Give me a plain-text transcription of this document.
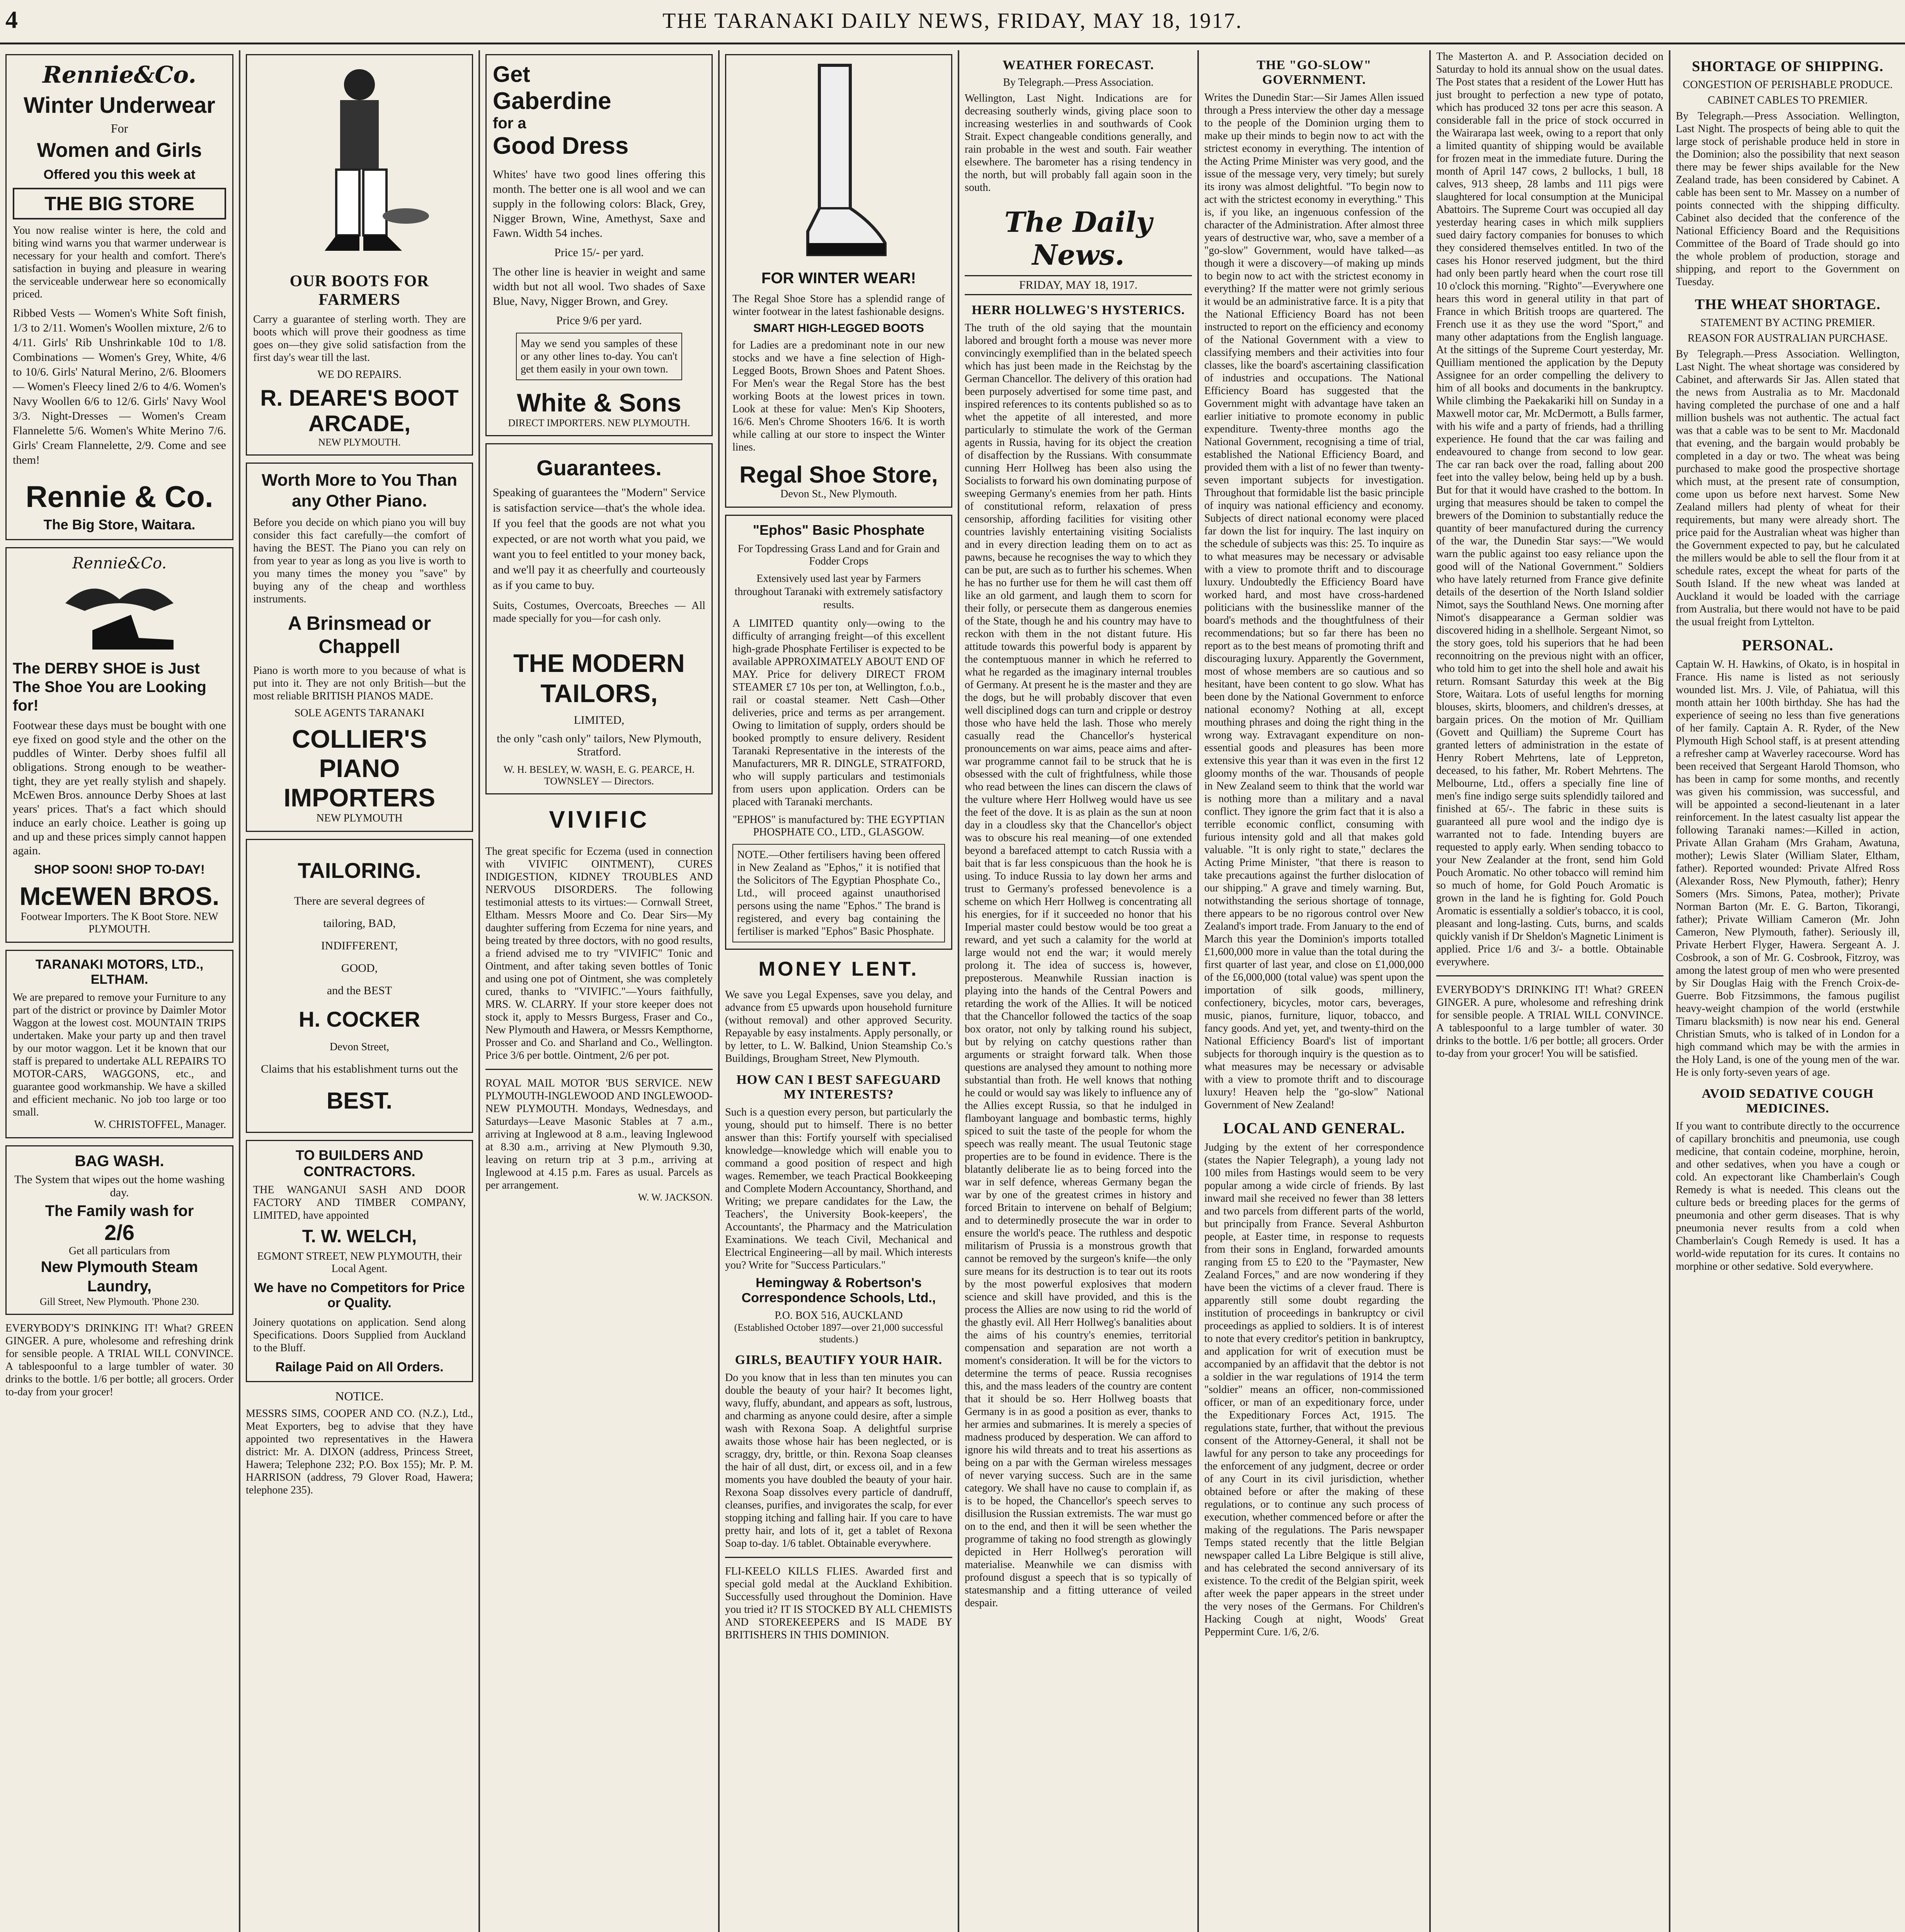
4	THE TARANAKI DAILY NEWS, FRIDAY, MAY 18, 1917.
Rennie&Co.
Winter Underwear
For
Women and Girls
Offered you this week at
THE BIG STORE
You now realise winter is here, the cold and biting wind warns you that warmer underwear is necessary for your health and comfort. There's satisfaction in buying and pleasure in wearing the serviceable underwear here so economically priced.
Ribbed Vests — Women's White Soft finish, 1/3 to 2/11. Women's Woollen mixture, 2/6 to 4/11. Girls' Rib Unshrinkable 10d to 1/8. Combinations — Women's Grey, White, 4/6 to 10/6. Girls' Natural Merino, 2/6. Bloomers — Women's Fleecy lined 2/6 to 4/6. Women's Navy Woollen 6/6 to 12/6. Girls' Navy Wool 3/3. Night-Dresses — Women's Cream Flannelette 5/6. Women's White Merino 7/6. Girls' Cream Flannelette, 2/9. Come and see them!
Rennie & Co.
The Big Store, Waitara.
Rennie&Co.
The DERBY SHOE is Just The Shoe You are Looking for!
Footwear these days must be bought with one eye fixed on good style and the other on the puddles of Winter. Derby shoes fulfil all obligations. Strong enough to be weather-tight, they are yet really stylish and shapely. McEwen Bros. announce Derby Shoes at last years' prices. That's a fact which should induce an early choice. Leather is going up and up and these prices simply cannot happen again.
SHOP SOON! SHOP TO-DAY!
McEWEN BROS.
Footwear Importers. The K Boot Store. NEW PLYMOUTH.
TARANAKI MOTORS, LTD., ELTHAM.
We are prepared to remove your Furniture to any part of the district or province by Daimler Motor Waggon at the lowest cost. MOUNTAIN TRIPS undertaken. Make your party up and then travel by our motor waggon. Let it be known that our staff is prepared to undertake ALL REPAIRS TO MOTOR-CARS, WAGGONS, etc., and guarantee good workmanship. We have a skilled and efficient mechanic. No job too large or too small.
W. CHRISTOFFEL, Manager.
BAG WASH.
The System that wipes out the home washing day.
The Family wash for
2/6
Get all particulars from
New Plymouth Steam Laundry,
Gill Street, New Plymouth. 'Phone 230.
EVERYBODY'S DRINKING IT! What? GREEN GINGER. A pure, wholesome and refreshing drink for sensible people. A TRIAL WILL CONVINCE. A tablespoonful to a large tumbler of water. 30 drinks to the bottle. 1/6 per bottle; all grocers. Order to-day from your grocer!
OUR BOOTS FOR FARMERS
Carry a guarantee of sterling worth. They are boots which will prove their goodness as time goes on—they give solid satisfaction from the first day's wear till the last.
WE DO REPAIRS.
R. DEARE'S BOOT ARCADE,
NEW PLYMOUTH.
Worth More to You Than any Other Piano.
Before you decide on which piano you will buy consider this fact carefully—the comfort of having the BEST. The Piano you can rely on from year to year as long as you live is worth to you many times the money you "save" by buying any of the cheap and worthless instruments.
A Brinsmead or Chappell
Piano is worth more to you because of what is put into it. They are not only British—but the most reliable BRITISH PIANOS MADE.
SOLE AGENTS TARANAKI
COLLIER'S PIANO IMPORTERS
NEW PLYMOUTH
TAILORING.
There are several degrees of
tailoring, BAD,
INDIFFERENT,
GOOD,
and the BEST
H. COCKER
Devon Street,
Claims that his establishment turns out the
BEST.
TO BUILDERS AND CONTRACTORS.
THE WANGANUI SASH AND DOOR FACTORY AND TIMBER COMPANY, LIMITED, have appointed
T. W. WELCH,
EGMONT STREET, NEW PLYMOUTH, their Local Agent.
We have no Competitors for Price or Quality.
Joinery quotations on application. Send along Specifications. Doors Supplied from Auckland to the Bluff.
Railage Paid on All Orders.
NOTICE.
MESSRS SIMS, COOPER AND CO. (N.Z.), Ltd., Meat Exporters, beg to advise that they have appointed two representatives in the Hawera district: Mr. A. DIXON (address, Princess Street, Hawera; Telephone 232; P.O. Box 155); Mr. P. M. HARRISON (address, 79 Glover Road, Hawera; telephone 235).
Get
Gaberdine
for a
Good Dress
Whites' have two good lines offering this month. The better one is all wool and we can supply in the following colors: Black, Grey, Nigger Brown, Wine, Amethyst, Saxe and Fawn. Width 54 inches.
Price 15/- per yard.
The other line is heavier in weight and same width but not all wool. Two shades of Saxe Blue, Navy, Nigger Brown, and Grey.
Price 9/6 per yard.
May we send you samples of these or any other lines to-day. You can't get them easily in your own town.
White & Sons
DIRECT IMPORTERS. NEW PLYMOUTH.
Guarantees.
Speaking of guarantees the "Modern" Service is satisfaction service—that's the whole idea. If you feel that the goods are not what you expected, or are not worth what you paid, we want you to feel entitled to your money back, and we'll pay it as cheerfully and courteously as if you came to buy.
Suits, Costumes, Overcoats, Breeches — All made specially for you—for cash only.
THE MODERN TAILORS,
LIMITED,
the only "cash only" tailors, New Plymouth, Stratford.
W. H. BESLEY, W. WASH, E. G. PEARCE, H. TOWNSLEY — Directors.
VIVIFIC
The great specific for Eczema (used in connection with VIVIFIC OINTMENT), CURES INDIGESTION, KIDNEY TROUBLES AND NERVOUS DISORDERS. The following testimonial attests to its virtues:— Cornwall Street, Eltham. Messrs Moore and Co. Dear Sirs—My daughter suffering from Eczema for nine years, and being treated by three doctors, with no good results, a friend advised me to try "VIVIFIC" Tonic and Ointment, and after taking seven bottles of Tonic and using one pot of Ointment, she was completely cured, thanks to "VIVIFIC."—Yours faithfully, MRS. W. CLARRY. If your store keeper does not stock it, apply to Messrs Burgess, Fraser and Co., New Plymouth and Hawera, or Messrs Kempthorne, Prosser and Co. and Sharland and Co., Wellington. Price 3/6 per bottle. Ointment, 2/6 per pot.
ROYAL MAIL MOTOR 'BUS SERVICE. NEW PLYMOUTH-INGLEWOOD AND INGLEWOOD-NEW PLYMOUTH. Mondays, Wednesdays, and Saturdays—Leave Masonic Stables at 7 a.m., arriving at Inglewood at 8 a.m., leaving Inglewood at 8.30 a.m., arriving at New Plymouth 9.30, leaving on return trip at 3 p.m., arriving at Inglewood at 4.15 p.m. Fares as usual. Parcels as per arrangement.
W. W. JACKSON.
FOR WINTER WEAR!
The Regal Shoe Store has a splendid range of winter footwear in the latest fashionable designs.
SMART HIGH-LEGGED BOOTS
for Ladies are a predominant note in our new stocks and we have a fine selection of High-Legged Boots, Brown Shoes and Patent Shoes. For Men's wear the Regal Store has the best working Boots at the lowest prices in town. Look at these for value: Men's Kip Shooters, 16/6. Men's Chrome Shooters 16/6. It is worth while calling at our store to inspect the Winter lines.
Regal Shoe Store,
Devon St., New Plymouth.
"Ephos" Basic Phosphate
For Topdressing Grass Land and for Grain and Fodder Crops
Extensively used last year by Farmers throughout Taranaki with extremely satisfactory results.
A LIMITED quantity only—owing to the difficulty of arranging freight—of this excellent high-grade Phosphate Fertiliser is expected to be available APPROXIMATELY ABOUT END OF MAY. Price for delivery DIRECT FROM STEAMER £7 10s per ton, at Wellington, f.o.b., rail or coastal steamer. Nett Cash—Other deliveries, price and terms as per arrangement. Owing to limitation of supply, orders should be booked promptly to ensure delivery. Resident Taranaki Representative in the interests of the Manufacturers, MR R. DINGLE, STRATFORD, who will supply particulars and testimonials from users upon application. Orders can be placed with Taranaki merchants.
"EPHOS" is manufactured by: THE EGYPTIAN PHOSPHATE CO., LTD., GLASGOW.
NOTE.—Other fertilisers having been offered in New Zealand as "Ephos," it is notified that the Solicitors of The Egyptian Phosphate Co., Ltd., will proceed against unauthorised persons using the name "Ephos." The brand is registered, and every bag containing the fertiliser is marked "Ephos" Basic Phosphate.
MONEY LENT.
We save you Legal Expenses, save you delay, and advance from £5 upwards upon household furniture (without removal) and other approved Security. Repayable by easy instalments. Apply personally, or by letter, to L. W. Balkind, Union Steamship Co.'s Buildings, Brougham Street, New Plymouth.
HOW CAN I BEST SAFEGUARD MY INTERESTS?
Such is a question every person, but particularly the young, should put to himself. There is no better answer than this: Fortify yourself with specialised knowledge—knowledge which will enable you to command a good position of respect and high wages. Remember, we teach Practical Bookkeeping and Complete Modern Accountancy, Shorthand, and Writing; we prepare candidates for the Law, the Teachers', the University Book-keepers', the Accountants', the Pharmacy and the Matriculation Examinations. We teach Civil, Mechanical and Electrical Engineering—all by mail. Which interests you? Write for "Success Particulars."
Hemingway & Robertson's Correspondence Schools, Ltd.,
P.O. BOX 516, AUCKLAND
(Established October 1897—over 21,000 successful students.)
GIRLS, BEAUTIFY YOUR HAIR.
Do you know that in less than ten minutes you can double the beauty of your hair? It becomes light, wavy, fluffy, abundant, and appears as soft, lustrous, and charming as anyone could desire, after a simple wash with Rexona Soap. A delightful surprise awaits those whose hair has been neglected, or is scraggy, dry, brittle, or thin. Rexona Soap cleanses the hair of all dust, dirt, or excess oil, and in a few moments you have doubled the beauty of your hair. Rexona Soap dissolves every particle of dandruff, cleanses, purifies, and invigorates the scalp, for ever stopping itching and falling hair. If you care to have pretty hair, and lots of it, get a tablet of Rexona Soap to-day. 1/6 tablet. Obtainable everywhere.
FLI-KEELO KILLS FLIES. Awarded first and special gold medal at the Auckland Exhibition. Successfully used throughout the Dominion. Have you tried it? IT IS STOCKED BY ALL CHEMISTS AND STOREKEEPERS and IS MADE BY BRITISHERS IN THIS DOMINION.
WEATHER FORECAST.
By Telegraph.—Press Association.
Wellington, Last Night. Indications are for decreasing southerly winds, giving place soon to increasing westerlies in and southwards of Cook Strait. Expect changeable conditions generally, and rain probable in the west and south. Fair weather elsewhere. The barometer has a rising tendency in the north, but will probably fall again soon in the south.
The Daily News.
FRIDAY, MAY 18, 1917.
HERR HOLLWEG'S HYSTERICS.
The truth of the old saying that the mountain labored and brought forth a mouse was never more convincingly exemplified than in the belated speech which has just been made in the Reichstag by the German Chancellor. The delivery of this oration had been purposely advertised for some time past, and inspired references to its contents published so as to whet the appetite of all interested, and more particularly to stimulate the work of the German agents in Russia, having for its object the creation of disaffection by the Russians. With consummate cunning Herr Hollweg has been also using the Socialists to forward his own dominating purpose of sweeping Germany's enemies from her path. Hints of constitutional reform, relaxation of press censorship, affording facilities for visiting other countries lavishly entertaining visiting Socialists and in every direction leading them on to act as pawns, because he recognises the way to which they can be put, are such as to further his schemes. When he has no further use for them he will cast them off like an old garment, and laugh them to scorn for their folly, or persecute them as dangerous enemies of the State, though he and his country may have to reckon with them in the not distant future. His attitude towards this powerful body is apparent by the contemptuous manner in which he referred to what he regarded as the imaginary internal troubles of Germany. At present he is the master and they are the dogs, but he will probably discover that even well disciplined dogs can turn and cripple or destroy those who have held the lash. Those who merely casually read the Chancellor's hysterical pronouncements on war aims, peace aims and after-war programme cannot fail to be struck that he is obsessed with the cult of frightfulness, while those who read between the lines can discern the claws of the vulture where Herr Hollweg would have us see the feet of the dove. It is as plain as the sun at noon day in a cloudless sky that the Chancellor's object was to obscure his real meaning—of one extended beyond a barefaced attempt to catch Russia with a bait that is far less conspicuous than the hook he is using. To induce Russia to lay down her arms and trust to Germany's professed benevolence is a scheme on which Herr Hollweg is concentrating all his energies, for if it succeeded no honor that his Imperial master could bestow would be too great a reward, and yet such a calamity for the world at large would not end the war; it would merely prolong it. The idea of success is, however, preposterous. Meanwhile Russian inaction is playing into the hands of the Central Powers and retarding the work of the Allies. It will be noticed that the Chancellor followed the tactics of the soap box orator, not only by talking round his subject, but by relying on catchy questions rather than arguments or straight forward talk. When those questions are analysed they amount to nothing more substantial than froth. He well knows that nothing he could or would say was likely to influence any of the Allies except Russia, so that he indulged in flamboyant language and bombastic terms, highly spiced to suit the taste of the people for whom the speech was really meant. The usual Teutonic stage properties are to be found in evidence. There is the blatantly deliberate lie as to being forced into the war in self defence, whereas Germany began the war by one of the greatest crimes in history and forced Britain to intervene on behalf of Belgium; and to determinedly prosecute the war in order to ensure the world's peace. The ruthless and despotic militarism of Prussia is a monstrous growth that cannot be removed by the surgeon's knife—the only sure means for its destruction is to tear out its roots by the most powerful explosives that modern science and skill have provided, and this is the process the Allies are now using to rid the world of the ghastly evil. All Herr Hollweg's banalities about the aims of his country's enemies, territorial compensation and separation are not worth a moment's consideration. It will be for the victors to determine the terms of peace. Russia recognises this, and the mass leaders of the country are content that it should be so. Herr Hollweg boasts that Germany is in as good a position as ever, thanks to her armies and submarines. It is merely a species of madness produced by desperation. We can afford to ignore his wild threats and to treat his assertions as being on a par with the German wireless messages of never varying success. Such are in the same category. We shall have no cause to complain if, as is to be hoped, the Chancellor's speech serves to disillusion the Russian extremists. The war must go on to the end, and then it will be seen whether the programme of taking no food strength as glowingly depicted in Herr Hollweg's peroration will materialise. Meanwhile we can dismiss with profound disgust a speech that is so typically of statesmanship and a fitting utterance of veiled despair.
THE "GO-SLOW" GOVERNMENT.
Writes the Dunedin Star:—Sir James Allen issued through a Press interview the other day a message to the people of the Dominion urging them to make up their minds to begin now to act with the strictest economy in everything. The intention of the Acting Prime Minister was very good, and the issue of the message very, very timely; but surely its irony was almost delightful. "To begin now to act with the strictest economy in everything." This is, if you like, an ingenuous confession of the character of the Administration. After almost three years of destructive war, who, save a member of a "go-slow" Government, would have talked—as though it were a discovery—of making up minds to begin now to act with the strictest economy in everything? If the matter were not grimly serious it would be an administrative farce. It is a pity that the National Efficiency Board has not been instructed to report on the efficiency and economy of the National Government with a view to classifying members and their activities into four classes, like the board's ascertaining classification of industries and occupations. The National Efficiency Board has suggested that the Government might with advantage have taken an earlier initiative to promote economy in public expenditure. Twenty-three months ago the National Government, recognising a time of trial, established the National Efficiency Board, and provided them with a list of no fewer than twenty-seven important subjects for investigation. Throughout that formidable list the basic principle of inquiry was national efficiency and economy. Subjects of direct national economy were placed far down the list for inquiry. The last inquiry on the schedule of subjects was this: 25. To inquire as to what measures may be necessary or advisable with a view to promote thrift and to discourage luxury. Undoubtedly the Efficiency Board have worked hard, and most have cross-hardened politicians with the businesslike manner of the board's methods and the thoughtfulness of their recommendations; but so far there has been no report as to the best means of promoting thrift and discouraging luxury. Apparently the Government, most of whose members are so cautious and so hesitant, have been content to go slow. What has been done by the National Government to enforce national economy? Nothing at all, except mouthing phrases and doing the right thing in the wrong way. Extravagant expenditure on non-essential goods and pleasures has been more extensive this year than it was even in the first 12 gloomy months of the war. Thousands of people in New Zealand seem to think that the world war is nothing more than a military and a naval conflict. They ignore the grim fact that it is also a terrible economic conflict, consuming with furious intensity gold and all that makes gold valuable. "It is only right to state," declares the Acting Prime Minister, "that there is reason to take precautions against the further dislocation of our shipping." A grave and timely warning. But, notwithstanding the serious shortage of tonnage, there appears to be no rigorous control over New Zealand's import trade. From January to the end of March this year the Dominion's imports totalled £1,600,000 more in value than the total during the first quarter of last year, and close on £1,000,000 of the £6,000,000 (total value) was spent upon the importation of silk goods, millinery, confectionery, bicycles, motor cars, beverages, music, pianos, furniture, liquor, tobacco, and fancy goods. And yet, yet, and twenty-third on the National Efficiency Board's list of important subjects for thorough inquiry is the question as to what measures may be necessary or advisable with a view to promote thrift and to discourage luxury! Heaven help the "go-slow" National Government of New Zealand!
LOCAL AND GENERAL.
Judging by the extent of her correspondence (states the Napier Telegraph), a young lady not 100 miles from Hastings would seem to be very popular among a wide circle of friends. By last inward mail she received no fewer than 38 letters and two parcels from different parts of the world, but principally from France. Several Ashburton people, at Easter time, in response to requests from their sons in England, forwarded amounts ranging from £5 to £20 to the "Paymaster, New Zealand Forces," and are now wondering if they have been the victims of a clever fraud. There is apparently still some doubt regarding the institution of proceedings in bankruptcy or civil proceedings as applied to soldiers. It is of interest to note that every creditor's petition in bankruptcy, and application for writ of execution must be accompanied by an affidavit that the debtor is not a soldier in the war regulations of 1914 the term "soldier" means an officer, non-commissioned officer, or man of an expeditionary force, under the Expeditionary Forces Act, 1915. The regulations state, further, that without the previous consent of the Attorney-General, it shall not be lawful for any person to take any proceedings for the enforcement of any judgment, decree or order of any Court in its civil jurisdiction, whether obtained before or after the making of these regulations, or to continue any such process of execution, whether commenced before or after the making of the regulations. The Paris newspaper Temps stated recently that the little Belgian newspaper called La Libre Belgique is still alive, and has celebrated the second anniversary of its existence. To the credit of the Belgian spirit, week after week the paper appears in the street under the very noses of the Germans. For Children's Hacking Cough at night, Woods' Great Peppermint Cure. 1/6, 2/6.
The Masterton A. and P. Association decided on Saturday to hold its annual show on the usual dates. The Post states that a resident of the Lower Hutt has just brought to perfection a new type of potato, which has produced 32 tons per acre this season. A considerable fall in the price of stock occurred in the Wairarapa last week, owing to a report that only a limited quantity of shipping would be available for frozen meat in the immediate future. During the month of April 147 cows, 2 bullocks, 1 bull, 18 calves, 913 sheep, 28 lambs and 111 pigs were slaughtered for local consumption at the Municipal Abattoirs. The Supreme Court was occupied all day yesterday hearing cases in which milk suppliers sued dairy factory companies for bonuses to which they considered themselves entitled. In two of the cases his Honor reserved judgment, but the third had only been partly heard when the court rose till 10 o'clock this morning. "Righto"—Everywhere one hears this word in general utility in that part of France in which British troops are quartered. The French use it as they use the word "Sport," and many other adaptations from the English language. At the sittings of the Supreme Court yesterday, Mr. Quilliam mentioned the application by the Deputy Assignee for an order compelling the delivery to him of all books and documents in the bankruptcy. While climbing the Paekakariki hill on Sunday in a Maxwell motor car, Mr. McDermott, a Bulls farmer, with his wife and a party of friends, had a thrilling experience. He found that the car was failing and endeavoured to change from second to low gear. The car ran back over the road, falling about 200 feet into the valley below, being held up by a bush. But for that it would have crashed to the bottom. In urging that measures should be taken to compel the brewers of the Dominion to substantially reduce the quantity of beer manufactured during the currency of the war, the Dunedin Star says:—"We would warn the public against too easy reliance upon the good will of the National Government." Soldiers who have lately returned from France give definite details of the desertion of the North Island soldier Nimot, says the Southland News. One morning after Nimot's disappearance a German soldier was discovered hiding in a shellhole. Sergeant Nimot, so the story goes, told his superiors that he had been reconnoitring on the previous night with an officer, who told him to get into the shell hole and await his return. Romsant Saturday this week at the Big Store, Waitara. Lots of useful lengths for morning blouses, skirts, bloomers, and children's dresses, at bargain prices. On the motion of Mr. Quilliam (Govett and Quilliam) the Supreme Court has granted letters of administration in the estate of Henry Robert Mehrtens, late of Leppreton, deceased, to his father, Mr. Robert Mehrtens. The Melbourne, Ltd., offers a specially fine line of men's fine indigo serge suits splendidly tailored and finished at 65/-. The fabric in these suits is guaranteed all pure wool and the indigo dye is warranted not to fade. Intending buyers are requested to apply early. When sending tobacco to your New Zealander at the front, send him Gold Pouch Aromatic. No other tobacco will remind him so much of home, for Gold Pouch Aromatic is grown in the land he is fighting for. Gold Pouch Aromatic is essentially a soldier's tobacco, it is cool, pleasant and long-lasting. Cuts, burns, and scalds quickly vanish if Dr Sheldon's Magnetic Liniment is applied. Price 1/6 and 3/- a bottle. Obtainable everywhere.
EVERYBODY'S DRINKING IT! What? GREEN GINGER. A pure, wholesome and refreshing drink for sensible people. A TRIAL WILL CONVINCE. A tablespoonful to a large tumbler of water. 30 drinks to the bottle. 1/6 per bottle; all grocers. Order to-day from your grocer! You will be satisfied.
SHORTAGE OF SHIPPING.
CONGESTION OF PERISHABLE PRODUCE.
CABINET CABLES TO PREMIER.
By Telegraph.—Press Association. Wellington, Last Night. The prospects of being able to quit the large stock of perishable produce held in store in the Dominion; also the possibility that next season there may be fewer ships available for the New Zealand trade, has been considered by Cabinet. A cable has been sent to Mr. Massey on a number of points connected with the shipping difficulty. Cabinet also decided that the conference of the National Efficiency Board and the Requisitions Committee of the Board of Trade should go into the whole problem of production, storage and shipping, and report to the Government on Tuesday.
THE WHEAT SHORTAGE.
STATEMENT BY ACTING PREMIER.
REASON FOR AUSTRALIAN PURCHASE.
By Telegraph.—Press Association. Wellington, Last Night. The wheat shortage was considered by Cabinet, and afterwards Sir Jas. Allen stated that the news from Australia as to Mr. Macdonald having completed the purchase of one and a half million bushels was not authentic. The actual fact was that a cable was to be sent to Mr. Macdonald that evening, and the bargain would probably be completed in a day or two. The wheat was being purchased to make good the prospective shortage which must, at the present rate of consumption, come upon us before next harvest. Some New Zealand millers had plenty of wheat for their requirements, but many were already short. The price paid for the Australian wheat was higher than the Government expected to pay, but he calculated the millers would be able to sell the flour from it at schedule rates, except the wheat for parts of the South Island. If the new wheat was landed at Auckland it would be loaded with the carriage from Australia, but there would not have to be paid the usual freight from Lyttelton.
PERSONAL.
Captain W. H. Hawkins, of Okato, is in hospital in France. His name is listed as not seriously wounded list. Mrs. J. Vile, of Pahiatua, will this month attain her 100th birthday. She has had the experience of seeing no less than five generations of her family. Captain A. R. Ryder, of the New Plymouth High School staff, is at present attending a refresher camp at Waverley racecourse. Word has been received that Sergeant Harold Thomson, who has been in camp for some months, and recently was given his commission, was successful, and will be appointed a second-lieutenant in a later reinforcement. In the latest casualty list appear the following Taranaki names:—Killed in action, Private Allan Graham (Mrs Graham, Awatuna, mother); Lewis Slater (William Slater, Eltham, father). Reported wounded: Private Alfred Ross (Alexander Ross, New Plymouth, father); Henry Somers (Mrs. Simons, Patea, mother); Private Norman Barton (Mr. E. G. Barton, Tikorangi, father); Private William Cameron (Mr. John Cameron, New Plymouth, father). Seriously ill, Private Herbert Flyger, Hawera. Sergeant A. J. Cosbrook, a son of Mr. G. Cosbrook, Fitzroy, was among the latest group of men who were presented by Sir Douglas Haig with the French Croix-de-Guerre. Bob Fitzsimmons, the famous pugilist heavy-weight champion of the world (erstwhile Timaru blacksmith) is now near his end. General Christian Smuts, who is talked of in London for a high command which may be with the armies in the Holy Land, is one of the young men of the war. He is only forty-seven years of age.
AVOID SEDATIVE COUGH MEDICINES.
If you want to contribute directly to the occurrence of capillary bronchitis and pneumonia, use cough medicine, that contain codeine, morphine, heroin, and other sedatives, when you have a cough or cold. An expectorant like Chamberlain's Cough Remedy is what is needed. This cleans out the culture beds or breeding places for the germs of pneumonia and other germ diseases. That is why pneumonia never results from a cold when Chamberlain's Cough Remedy is used. It has a world-wide reputation for its cures. It contains no morphine or other sedative. Sold everywhere.
